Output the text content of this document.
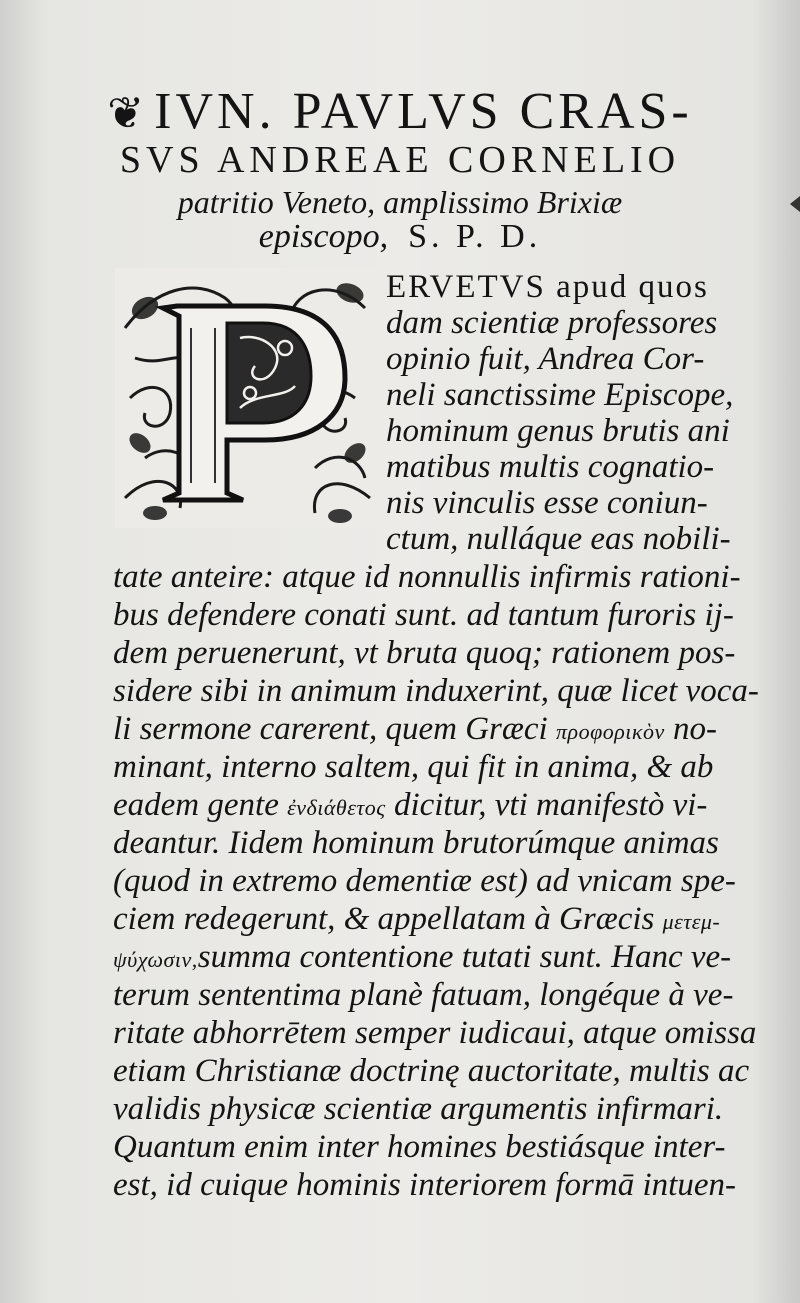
❦ IVN. PAVLVS CRAS-
SVS ANDREAE CORNELIO
patritio Veneto, amplissimo Brixiæ
episcopo, S. P. D.
ERVETVS apud quos
dam scientiæ professores
opinio fuit, Andrea Cor-
neli sanctissime Episcope,
hominum genus brutis ani
matibus multis cognatio-
nis vinculis esse coniun-
ctum, nulláque eas nobili-
tate anteire: atque id nonnullis infirmis rationi-
bus defendere conati sunt. ad tantum furoris ij-
dem peruenerunt, vt bruta quoq; rationem pos-
sidere sibi in animum induxerint, quæ licet voca-
li sermone carerent, quem Græci προφορικὸν no-
minant, interno saltem, qui fit in anima, & ab
eadem gente ἐνδιάθετος dicitur, vti manifestò vi-
deantur. Iidem hominum brutorúmque animas
(quod in extremo dementiæ est) ad vnicam spe-
ciem redegerunt, & appellatam à Græcis μετεμ-
ψύχωσιν,summa contentione tutati sunt. Hanc ve-
terum sententima planè fatuam, longéque à ve-
ritate abhorrētem semper iudicaui, atque omissa
etiam Christianæ doctrinę auctoritate, multis ac
validis physicæ scientiæ argumentis infirmari.
Quantum enim inter homines bestiásque inter-
est, id cuique hominis interiorem formā intuen-
